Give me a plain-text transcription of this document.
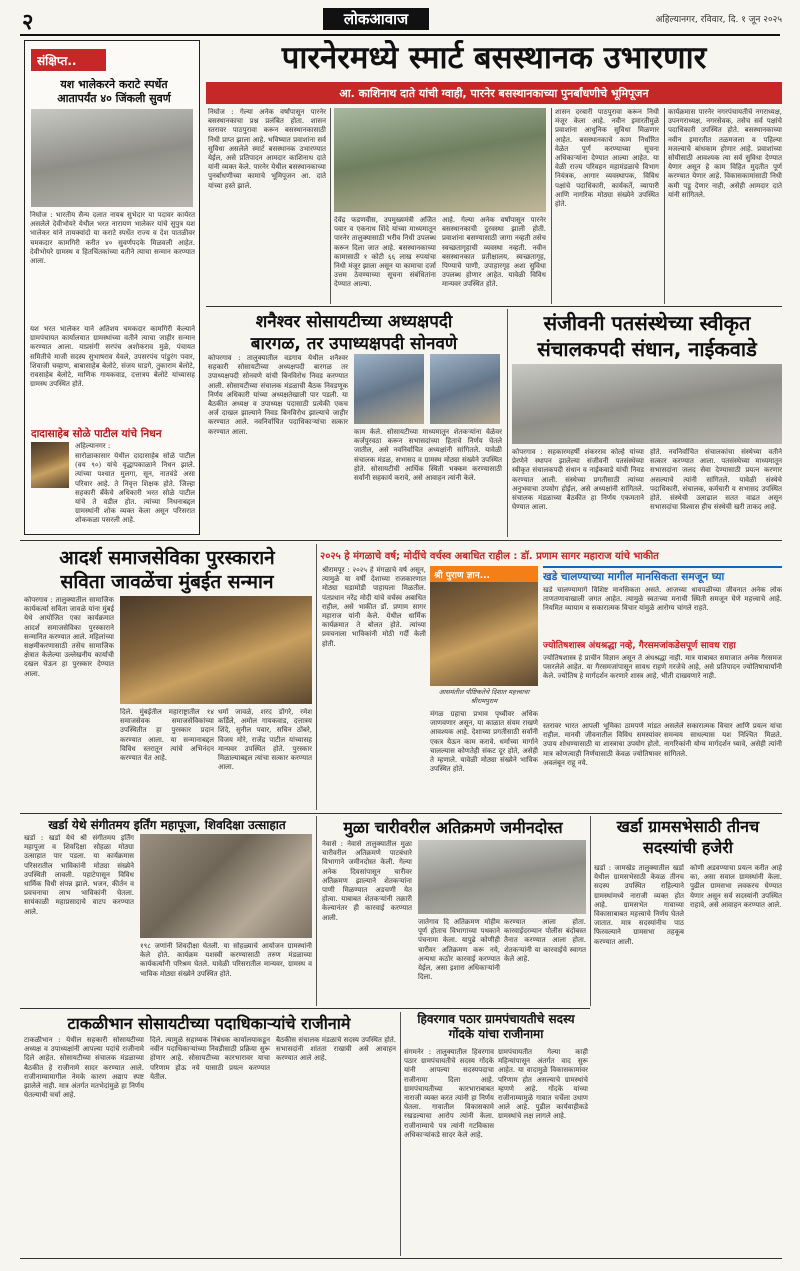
२	लोकआवाज	अहिल्यानगर, रविवार, दि. १ जून २०२५
संक्षिप्त..
यश भालेकरने कराटे स्पर्धेत आतापर्यंत ४० जिंकली सुवर्ण
निघोज : भारतीय सैन्य दलात नायब सुभेदार या पदावर कार्यरत असलेले देवीभोयरे येथील भरत नारायण भालेकर यांचे सुपुत्र यश भालेकर यांने तायक्वांदो या कराटे स्पर्धेत राज्य व देश पातळीवर चमकदार कामगिरी करीत ४० सुवर्णपदके मिळवली आहेत. देवीभोयरे ग्रामस्थ व हितचिंतकांच्या वतीने त्याचा सन्मान करण्यात आला.
यश भरत भालेकर याने अतिशय चमकदार कामगिरी केल्याने ग्रामपंचायत कार्यालयात ग्रामस्थांच्या वतीने त्याचा जाहीर सन्मान करण्यात आला. याप्रसंगी सरपंच अशोकराव मुळे, पंचायत समितीचे माजी सदस्य सुभाषराव येवले, उपसरपंच पांडुरंग पवार, शिवाजी चव्हाण, बाबासाहेब बेलोटे, संजय घाडगे, तुकाराम बेलोटे, रावसाहेब बेलोटे, माणिक गायकवाड, दत्तात्रय बेलोटे यांच्यासह ग्रामस्थ उपस्थित होते.
दादासाहेब सोळे पाटील यांचे निधन
अहिल्यानगर :
सारोळाकासार येथील दादासाहेब सोळे पाटील (वय ९०) यांचे वृद्धापकाळाने निधन झाले. त्यांच्या पश्चात मुलगा, सून, नातवंडे असा परिवार आहे. ते निवृत्त शिक्षक होते. जिल्हा सहकारी बँकेचे अधिकारी भरत सोळे पाटील यांचे ते वडील होत. त्यांच्या निधनाबद्दल ग्रामस्थांनी शोक व्यक्त केला असून परिसरात शोककळा पसरली आहे.
पारनेरमध्ये स्मार्ट बसस्थानक उभारणार
आ. काशिनाथ दाते यांची ग्वाही, पारनेर बसस्थानकाच्या पुनर्बांधणीचे भूमिपूजन
निघोज : गेल्या अनेक वर्षांपासून पारनेर बसस्थानकाचा प्रश्न प्रलंबित होता. शासन स्तरावर पाठपुरावा करून बसस्थानकासाठी निधी प्राप्त झाला आहे. भविष्यात प्रवाशांना सर्व सुविधा असलेले स्मार्ट बसस्थानक उभारण्यात येईल, असे प्रतिपादन आमदार काशिनाथ दाते यांनी व्यक्त केले. पारनेर येथील बसस्थानकाच्या पुनर्बांधणीच्या कामाचे भूमिपूजन आ. दाते यांच्या हस्ते झाले.
देवेंद्र फडणवीस, उपमुख्यमंत्री अजित पवार व एकनाथ शिंदे यांच्या माध्यमातून पारनेर तालुक्यासाठी भरीव निधी उपलब्ध करून दिला जात आहे. बसस्थानकाच्या कामासाठी १ कोटी ६६ लाख रुपयांचा निधी मंजूर झाला असून या कामाचा दर्जा उत्तम ठेवण्याच्या सूचना संबंधितांना देण्यात आल्या.
आहे. गेल्या अनेक वर्षांपासून पारनेर बसस्थानकाची दुरवस्था झाली होती. प्रवाशांना बसण्यासाठी जागा नव्हती तसेच स्वच्छतागृहाची व्यवस्था नव्हती. नवीन बसस्थानकात प्रतीक्षालय, स्वच्छतागृह, पिण्याचे पाणी, उपाहारगृह अशा सुविधा उपलब्ध होणार आहेत. यावेळी विविध मान्यवर उपस्थित होते.
शासन दरबारी पाठपुरावा करून निधी मंजूर केला आहे. नवीन इमारतीमुळे प्रवाशांना आधुनिक सुविधा मिळणार आहेत. बसस्थानकाचे काम निर्धारित वेळेत पूर्ण करण्याच्या सूचना अधिकाऱ्यांना देण्यात आल्या आहेत. या वेळी राज्य परिवहन महामंडळाचे विभाग नियंत्रक, आगार व्यवस्थापक, विविध पक्षांचे पदाधिकारी, कार्यकर्ते, व्यापारी आणि नागरिक मोठ्या संख्येने उपस्थित होते.
कार्यक्रमास पारनेर नगरपंचायतीचे नगराध्यक्ष, उपनगराध्यक्ष, नगरसेवक, तसेच सर्व पक्षांचे पदाधिकारी उपस्थित होते. बसस्थानकाच्या नवीन इमारतीत तळमजला व पहिल्या मजल्याचे बांधकाम होणार आहे. प्रवाशांच्या सोयीसाठी आवश्यक त्या सर्व सुविधा देण्यात येणार असून हे काम विहित मुदतीत पूर्ण करण्यात येणार आहे. विकासकामांसाठी निधी कमी पडू देणार नाही, असेही आमदार दाते यांनी सांगितले.
शनैश्वर सोसायटीच्या अध्यक्षपदी
बारगळ, तर उपाध्यक्षपदी सोनवणे
कोपरगाव : तालुक्यातील वडगाव येथील शनैश्वर सहकारी सोसायटीच्या अध्यक्षपदी बारगळ तर उपाध्यक्षपदी सोनवणे यांची बिनविरोध निवड करण्यात आली. सोसायटीच्या संचालक मंडळाची बैठक निवडणूक निर्णय अधिकारी यांच्या अध्यक्षतेखाली पार पडली. या बैठकीत अध्यक्ष व उपाध्यक्ष पदासाठी प्रत्येकी एकच अर्ज दाखल झाल्याने निवड बिनविरोध झाल्याचे जाहीर करण्यात आले. नवनिर्वाचित पदाधिकाऱ्यांचा सत्कार करण्यात आला.	काम केले. सोसायटीच्या माध्यमातून शेतकऱ्यांना वेळेवर कर्जपुरवठा करून सभासदांच्या हिताचे निर्णय घेतले जातील, असे नवनिर्वाचित अध्यक्षांनी सांगितले. यावेळी संचालक मंडळ, सभासद व ग्रामस्थ मोठ्या संख्येने उपस्थित होते. सोसायटीची आर्थिक स्थिती भक्कम करण्यासाठी सर्वांनी सहकार्य करावे, असे आवाहन त्यांनी केले.
संजीवनी पतसंस्थेच्या स्वीकृत
संचालकपदी संधान, नाईकवाडे
कोपरगाव : सहकारमहर्षी शंकरराव कोल्हे यांच्या प्रेरणेने स्थापन झालेल्या संजीवनी पतसंस्थेच्या स्वीकृत संचालकपदी संधान व नाईकवाडे यांची निवड करण्यात आली. संस्थेच्या प्रगतीसाठी त्यांच्या अनुभवाचा उपयोग होईल, असे अध्यक्षांनी सांगितले. संचालक मंडळाच्या बैठकीत हा निर्णय एकमताने घेण्यात आला.
होते. नवनिर्वाचित संचालकांचा संस्थेच्या वतीने सत्कार करण्यात आला. पतसंस्थेच्या माध्यमातून सभासदांना जलद सेवा देण्यासाठी प्रयत्न करणार असल्याचे त्यांनी सांगितले. यावेळी संस्थेचे पदाधिकारी, संचालक, कर्मचारी व सभासद उपस्थित होते. संस्थेची उलाढाल सतत वाढत असून सभासदांचा विश्वास हीच संस्थेची खरी ताकद आहे.
आदर्श समाजसेविका पुरस्काराने
सविता जावळेंचा मुंबईत सन्मान
कोपरगाव : तालुक्यातील सामाजिक कार्यकर्त्या सविता जावळे यांना मुंबई येथे आयोजित एका कार्यक्रमात आदर्श समाजसेविका पुरस्काराने सन्मानित करण्यात आले. महिलांच्या सक्षमीकरणासाठी तसेच सामाजिक क्षेत्रात केलेल्या उल्लेखनीय कार्याची दखल घेऊन हा पुरस्कार देण्यात आला.
दिले. मुंबईतील महाराष्ट्रातील १४ समाजसेवक समाजसेविकांच्या उपस्थितीत हा पुरस्कार प्रदान करण्यात आला. या सन्मानाबद्दल विविध स्तरातून त्यांचे अभिनंदन करण्यात येत आहे.
धर्मा जावळे, शरद डोंगरे, रमेश कर्डिले, अमोल गायकवाड, दत्तात्रय शिंदे, सुनील पवार, सचिन ठोंबरे, विजय मोरे, राजेंद्र पाटील यांच्यासह मान्यवर उपस्थित होते. पुरस्कार मिळाल्याबद्दल त्यांचा सत्कार करण्यात आला.
२०२५ हे मंगळाचे वर्ष; मोदींचे वर्चस्व अबाधित राहील : डॉ. प्रणाम सागर महाराज यांचे भाकीत
श्रीरामपूर : २०२५ हे मंगळाचे वर्ष असून, त्यामुळे या वर्षी देशाच्या राजकारणात मोठ्या घडामोडी पाहायला मिळतील. पंतप्रधान नरेंद्र मोदी यांचे वर्चस्व अबाधित राहील, असे भाकीत डॉ. प्रणाम सागर महाराज यांनी केले. येथील धार्मिक कार्यक्रमात ते बोलत होते. त्यांच्या प्रवचनाला भाविकांनी मोठी गर्दी केली होती.
श्री पुराण ज्ञान...
आसमंतील पौष्टिकतेचे दिशात महत्त्वाचा श्रीरामपुराम
मंगळ ग्रहाचा प्रभाव पृथ्वीवर अधिक जाणवणार असून, या काळात संयम राखणे आवश्यक आहे. देशाच्या प्रगतीसाठी सर्वांनी एकत्र येऊन काम करावे. धर्माच्या मार्गाने चालल्यास कोणतेही संकट दूर होते, असेही ते म्हणाले. यावेळी मोठ्या संख्येने भाविक उपस्थित होते.
खडे चालण्याच्या मागील मानसिकता समजून घ्या
खडे चालण्यामागे विशिष्ट मानसिकता असते. आजच्या धावपळीच्या जीवनात अनेक लोक ताणतणावाखाली जगत आहेत. त्यामुळे स्वतःच्या मनाची स्थिती समजून घेणे महत्त्वाचे आहे. नियमित व्यायाम व सकारात्मक विचार यांमुळे आरोग्य चांगले राहते.
ज्योतिषशास्त्र अंधश्रद्धा नव्हे, गैरसमजांकडेसपूर्ण सावध राहा
ज्योतिषशास्त्र हे प्राचीन विज्ञान असून ते अंधश्रद्धा नाही. मात्र याबाबत समाजात अनेक गैरसमज पसरलेले आहेत. या गैरसमजांपासून सावध राहणे गरजेचे आहे, असे प्रतिपादन ज्योतिषाचार्यांनी केले. ज्योतिष हे मार्गदर्शन करणारे शास्त्र आहे, भीती दाखवणारे नाही.
स्तरावर भारत आपली भूमिका ठामपणे मांडत राहील. मानवी जीवनातील विविध समस्यांवर उपाय शोधण्यासाठी या शास्त्राचा उपयोग होतो. मात्र कोणत्याही निर्णयासाठी केवळ ज्योतिषावर अवलंबून राहू नये.
असलेले सकारात्मक विचार आणि प्रयत्न यांचा समन्वय साधल्यास यश निश्चित मिळते. नागरिकांनी योग्य मार्गदर्शन घ्यावे, असेही त्यांनी सांगितले.
खर्डा येथे संगीतमय इर्तिंग महापूजा, शिवदिक्षा उत्साहात
खर्डा : खर्डा येथे श्री संगीतमय इर्तिंग महापूजा व शिवदिक्षा सोहळा मोठ्या उत्साहात पार पडला. या कार्यक्रमास परिसरातील भाविकांनी मोठ्या संख्येने उपस्थिती लावली. पहाटेपासून विविध धार्मिक विधी संपन्न झाले. भजन, कीर्तन व प्रवचनाचा लाभ भाविकांनी घेतला. सायंकाळी महाप्रसादाचे वाटप करण्यात आले.
१९८ जणांनी शिवदीक्षा घेतली. या सोहळ्याचे आयोजन ग्रामस्थांनी केले होते. कार्यक्रम यशस्वी करण्यासाठी तरुण मंडळाच्या कार्यकर्त्यांनी परिश्रम घेतले. यावेळी परिसरातील मान्यवर, ग्रामस्थ व भाविक मोठ्या संख्येने उपस्थित होते.
मुळा चारीवरील अतिक्रमणे जमीनदोस्त
नेवासे : नेवासे तालुक्यातील मुळा चारीवरील अतिक्रमणे पाटबंधारे विभागाने जमीनदोस्त केली. गेल्या अनेक दिवसांपासून चारीवर अतिक्रमण झाल्याने शेतकऱ्यांना पाणी मिळण्यात अडचणी येत होत्या. याबाबत शेतकऱ्यांनी तक्रारी केल्यानंतर ही कारवाई करण्यात आली.
जातेगाव दि अतिक्रमण मोहीम पूर्ण होताच विभागाच्या पथकाने पंचनामा केला. यापुढे कोणीही चारीवर अतिक्रमण करू नये, अन्यथा कठोर कारवाई करण्यात येईल, असा इशारा अधिकाऱ्यांनी दिला.
करण्यात आला होता. कारवाईदरम्यान पोलीस बंदोबस्त तैनात करण्यात आला होता. शेतकऱ्यांनी या कारवाईचे स्वागत केले आहे.
खर्डा ग्रामसभेसाठी तीनच सदस्यांची हजेरी
खर्डा : जामखेड तालुक्यातील खर्डा येथील ग्रामसभेसाठी केवळ तीनच सदस्य उपस्थित राहिल्याने ग्रामस्थांमध्ये नाराजी व्यक्त होत आहे. ग्रामसभेत गावाच्या विकासाबाबत महत्त्वाचे निर्णय घेतले जातात. मात्र सदस्यांनीच पाठ फिरवल्याने ग्रामसभा तहकूब करण्यात आली.
कोणी अडवण्याचा प्रयत्न करीत आहे का, असा सवाल ग्रामस्थांनी केला. पुढील ग्रामसभा लवकरच घेण्यात येणार असून सर्व सदस्यांनी उपस्थित राहावे, असे आवाहन करण्यात आले.
टाकळीभान सोसायटीच्या पदाधिकाऱ्यांचे राजीनामे
टाकळीभान : येथील सहकारी सोसायटीच्या अध्यक्ष व उपाध्यक्षांनी आपल्या पदांचे राजीनामे दिले आहेत. सोसायटीच्या संचालक मंडळाच्या बैठकीत हे राजीनामे सादर करण्यात आले. राजीनाम्यामागील नेमके कारण अद्याप स्पष्ट झालेले नाही. मात्र अंतर्गत मतभेदांमुळे हा निर्णय घेतल्याची चर्चा आहे.
दिले. त्यामुळे सहाय्यक निबंधक कार्यालयाकडून नवीन पदाधिकाऱ्यांच्या निवडीसाठी प्रक्रिया सुरू होणार आहे. सोसायटीच्या कारभारावर याचा परिणाम होऊ नये यासाठी प्रयत्न करण्यात येतील.
बैठकीस संचालक मंडळाचे सदस्य उपस्थित होते. सभासदांनी शांतता राखावी असे आवाहन करण्यात आले आहे.
हिवरगाव पठार ग्रामपंचायतीचे सदस्य गोंदके यांचा राजीनामा
संगमनेर : तालुक्यातील हिवरगाव पठार ग्रामपंचायतीचे सदस्य गोंदके यांनी आपल्या सदस्यपदाचा राजीनामा दिला आहे. ग्रामपंचायतीच्या कारभाराबाबत नाराजी व्यक्त करत त्यांनी हा निर्णय घेतला. गावातील विकासकामे रखडल्याचा आरोप त्यांनी केला. राजीनाम्याचे पत्र त्यांनी गटविकास अधिकाऱ्यांकडे सादर केले आहे.
ग्रामपंचायतीत गेल्या काही महिन्यांपासून अंतर्गत वाद सुरू आहेत. या वादामुळे विकासकामांवर परिणाम होत असल्याचे ग्रामस्थांचे म्हणणे आहे. गोंदके यांच्या राजीनाम्यामुळे गावात चर्चेला उधाण आले आहे. पुढील कार्यवाहीकडे ग्रामस्थांचे लक्ष लागले आहे.
